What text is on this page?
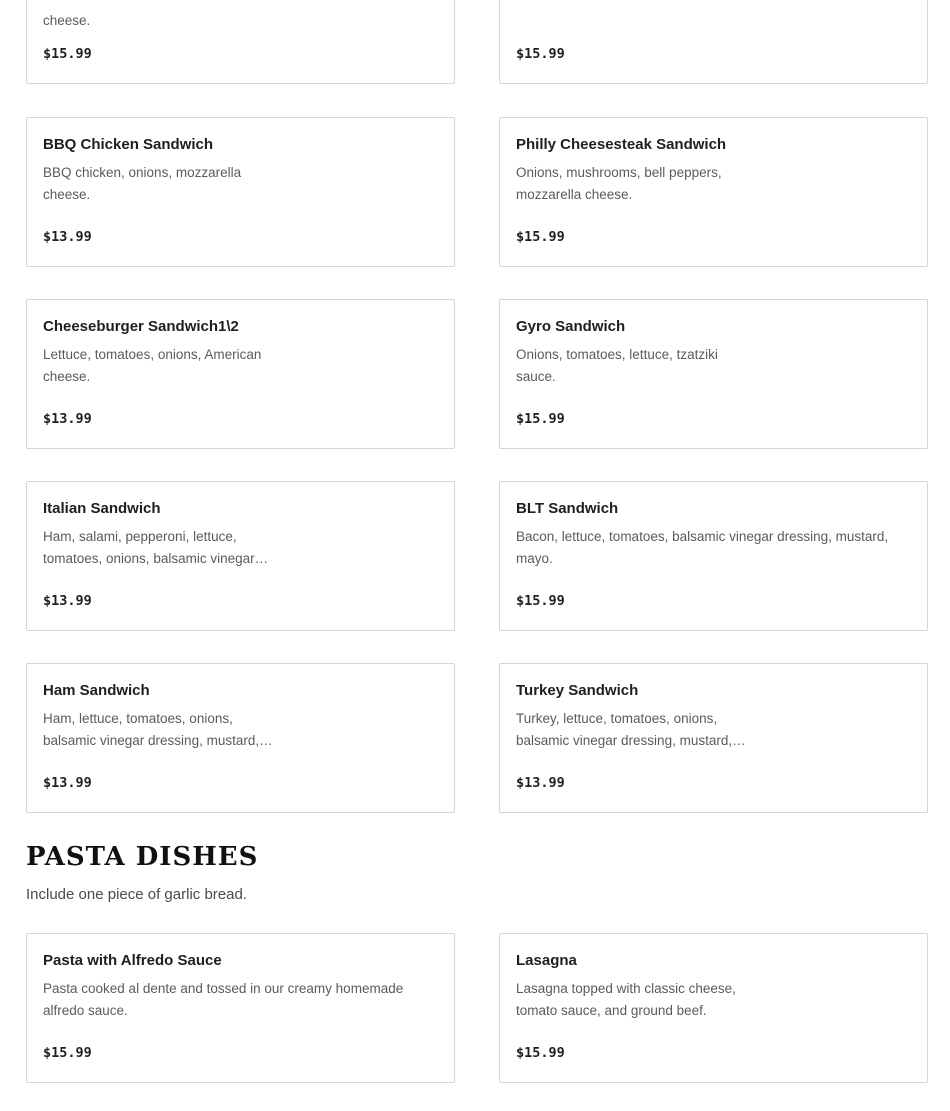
cheese.
$15.99	$15.99
BBQ Chicken Sandwich
BBQ chicken, onions, mozzarella cheese.
$13.99
Philly Cheesesteak Sandwich
Onions, mushrooms, bell peppers, mozzarella cheese.
$15.99
Cheeseburger Sandwich1\2
Lettuce, tomatoes, onions, American cheese.
$13.99
Gyro Sandwich
Onions, tomatoes, lettuce, tzatziki sauce.
$15.99
Italian Sandwich
Ham, salami, pepperoni, lettuce, tomatoes, onions, balsamic vinegar…
$13.99
BLT Sandwich
Bacon, lettuce, tomatoes, balsamic vinegar dressing, mustard, mayo.
$15.99
Ham Sandwich
Ham, lettuce, tomatoes, onions, balsamic vinegar dressing, mustard,…
$13.99
Turkey Sandwich
Turkey, lettuce, tomatoes, onions, balsamic vinegar dressing, mustard,…
$13.99
PASTA DISHES

Include one piece of garlic bread.

Pasta with Alfredo Sauce
Pasta cooked al dente and tossed in our creamy homemade alfredo sauce.
$15.99
Lasagna
Lasagna topped with classic cheese, tomato sauce, and ground beef.
$15.99
